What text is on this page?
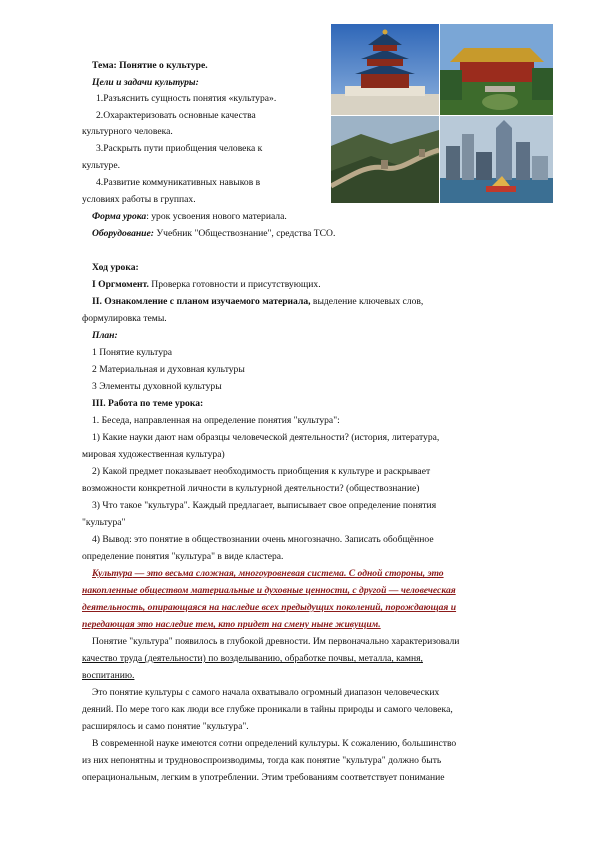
Тема: Понятие о культуре.
Цели и задачи культуры:
1.Разъяснить сущность понятия «культура».
2.Охарактеризовать основные качества
культурного человека.
3.Раскрыть пути приобщения человека к
культуре.
4.Развитие коммуникативных навыков в
условиях работы в группах.
Форма урока: урок усвоения нового материала.
Оборудование: Учебник "Обществознание", средства ТСО.
Ход урока:
I Оргмомент. Проверка готовности и присутствующих.
II. Ознакомление с планом изучаемого материала, выделение ключевых слов,
формулировка темы.
План:
1 Понятие культура
2 Материальная и духовная культуры
3 Элементы духовной культуры
III. Работа по теме урока:
1. Беседа, направленная на определение понятия "культура":
1) Какие науки дают нам образцы человеческой деятельности? (история, литература,
мировая художественная культура)
2) Какой предмет показывает необходимость приобщения к культуре и раскрывает
возможности конкретной личности в культурной деятельности? (обществознание)
3) Что такое "культура". Каждый предлагает, выписывает свое определение понятия
"культура"
4) Вывод: это понятие в обществознании очень многозначно. Записать обобщённое
определение понятия "культура" в виде кластера.
Культура — это весьма сложная, многоуровневая система. С одной стороны, это
накопленные обществом материальные и духовные ценности, с другой — человеческая
деятельность, опирающаяся на наследие всех предыдущих поколений, порождающая и
передающая это наследие тем, кто придет на смену ныне живущим.
Понятие "культура" появилось в глубокой древности. Им первоначально характеризовали
качество труда (деятельности) по возделыванию, обработке почвы, металла, камня,
воспитанию.
Это понятие культуры с самого начала охватывало огромный диапазон человеческих
деяний. По мере того как люди все глубже проникали в тайны природы и самого человека,
расширялось и само понятие "культура".
В современной науке имеются сотни определений культуры. К сожалению, большинство
из них непонятны и трудновоспроизводимы, тогда как понятие "культура" должно быть
операциональным, легким в употреблении. Этим требованиям соответствует понимание
